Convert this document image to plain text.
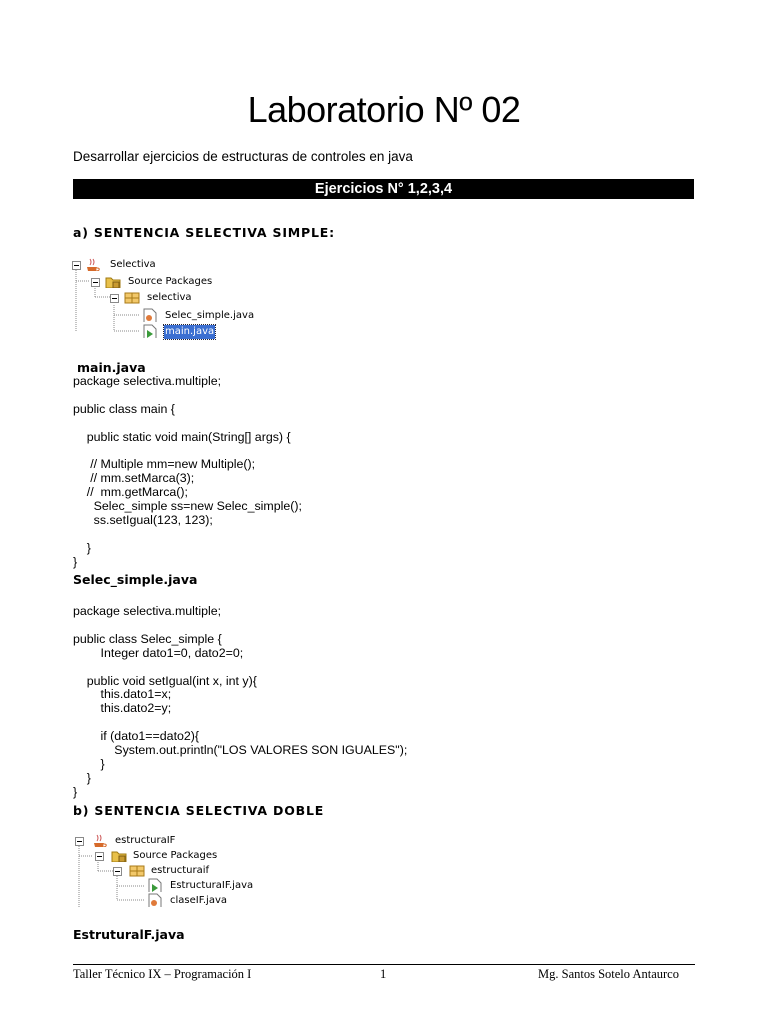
Laboratorio Nº 02
Desarrollar ejercicios de estructuras de controles en java
Ejercicios N° 1,2,3,4
a) SENTENCIA SELECTIVA SIMPLE:
Selectiva
Source Packages
selectiva
Selec_simple.java
main.java
main.java
package selectiva.multiple;

public class main {

public static void main(String[] args) {

// Multiple mm=new Multiple();
// mm.setMarca(3);
//  mm.getMarca();
Selec_simple ss=new Selec_simple();
ss.setIgual(123, 123);

}
}
Selec_simple.java
package selectiva.multiple;

public class Selec_simple {
Integer dato1=0, dato2=0;

public void setIgual(int x, int y){
this.dato1=x;
this.dato2=y;

if (dato1==dato2){
System.out.println("LOS VALORES SON IGUALES");
}
}
}
b) SENTENCIA SELECTIVA DOBLE
estructuraIF
Source Packages
estructuraif
EstructuraIF.java
claseIF.java
EstruturalF.java
Taller Técnico IX – Programación I	1	Mg. Santos Sotelo Antaurco
